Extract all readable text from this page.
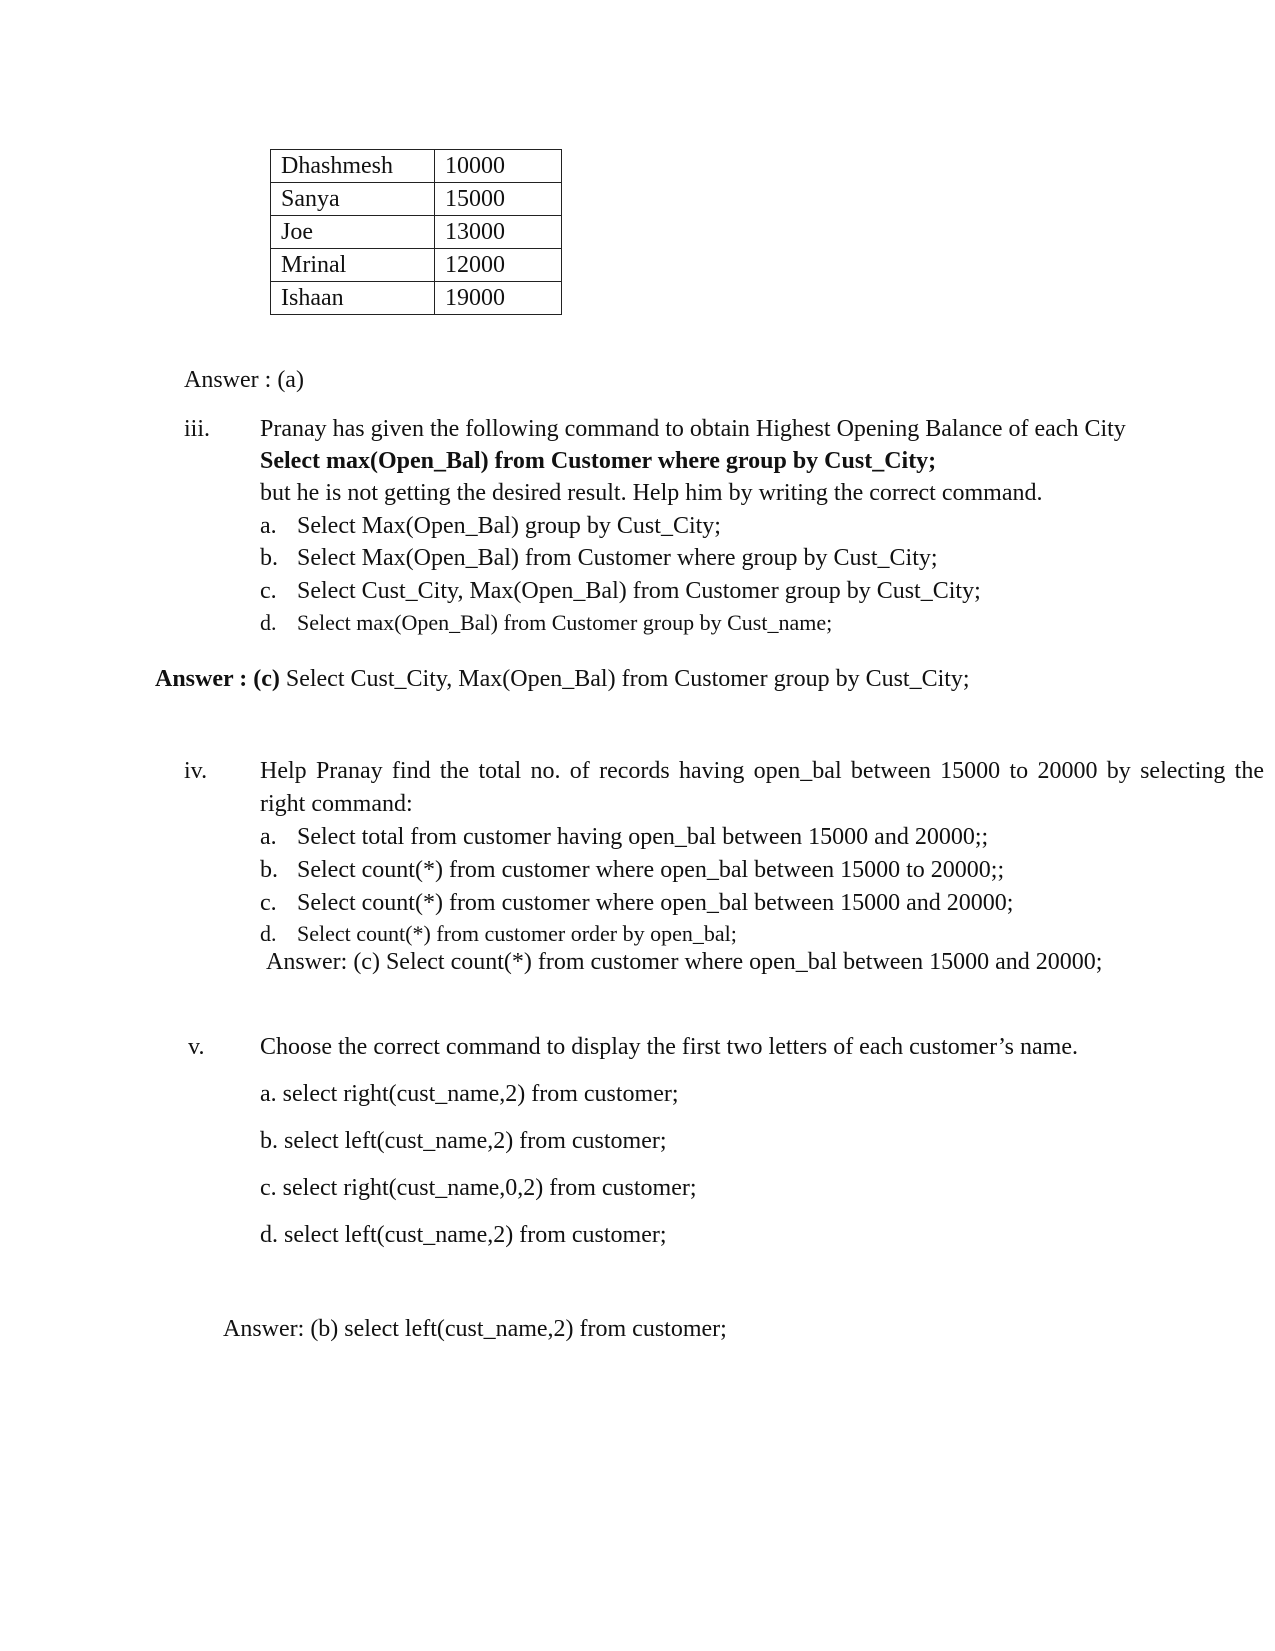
Dhashmesh	10000
Sanya	15000
Joe	13000
Mrinal	12000
Ishaan	19000
Answer : (a)
iii. Pranay has given the following command to obtain Highest Opening Balance of each City
Select max(Open_Bal) from Customer where group by Cust_City;
but he is not getting the desired result. Help him by writing the correct command.
a. Select Max(Open_Bal) group by Cust_City;
b. Select Max(Open_Bal) from Customer where group by Cust_City;
c. Select Cust_City, Max(Open_Bal) from Customer group by Cust_City;
d. Select max(Open_Bal) from Customer group by Cust_name;
Answer : (c) Select Cust_City, Max(Open_Bal) from Customer group by Cust_City;
iv. Help Pranay find the total no. of records having open_bal between 15000 to 20000 by selecting the
right command:
a. Select total from customer having open_bal between 15000 and 20000;;
b. Select count(*) from customer where open_bal between 15000 to 20000;;
c. Select count(*) from customer where open_bal between 15000 and 20000;
d. Select count(*) from customer order by open_bal;
Answer: (c) Select count(*) from customer where open_bal between 15000 and 20000;
v. Choose the correct command to display the first two letters of each customer’s name.
a. select right(cust_name,2) from customer;
b. select left(cust_name,2) from customer;
c. select right(cust_name,0,2) from customer;
d. select left(cust_name,2) from customer;
Answer: (b) select left(cust_name,2) from customer;
